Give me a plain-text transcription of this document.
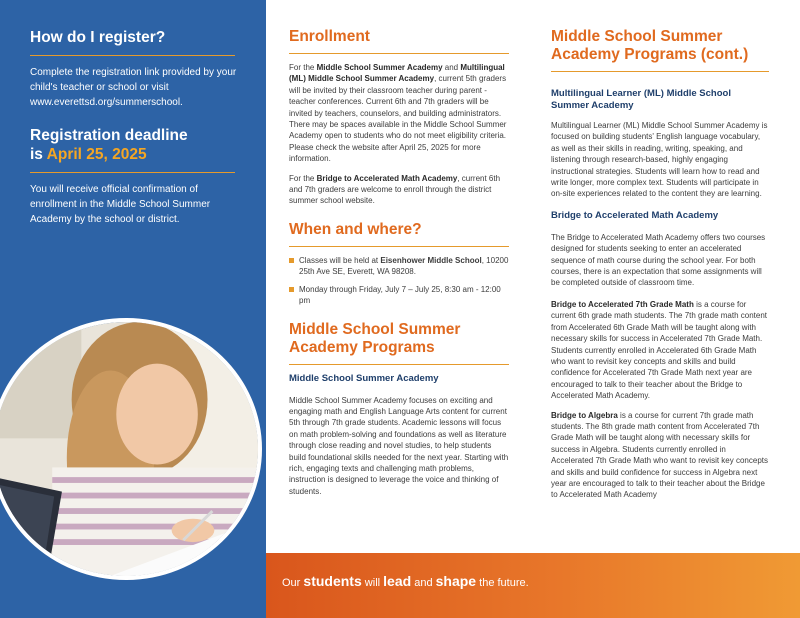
How do I register?
Complete the registration link provided by your child's teacher or school or visit www.everettsd.org/summerschool.
Registration deadline
is April 25, 2025
You will receive official confirmation of enrollment in the Middle School Summer Academy by the school or district.
Enrollment
For the Middle School Summer Academy and Multilingual (ML) Middle School Summer Academy, current 5th graders will be invited by their classroom teacher during parent - teacher conferences. Current 6th and 7th graders will be invited by teachers, counselors, and building administrators. There may be spaces available in the Middle School Summer Academy open to students who do not meet eligibility criteria. Please check the website after April 25, 2025 for more information.
For the Bridge to Accelerated Math Academy, current 6th and 7th graders are welcome to enroll through the district summer school website.
When and where?
Classes will be held at Eisenhower Middle School, 10200 25th Ave SE, Everett, WA 98208.
Monday through Friday, July 7 – July 25, 8:30 am - 12:00 pm
Middle School Summer Academy Programs
Middle School Summer Academy
Middle School Summer Academy focuses on exciting and engaging math and English Language Arts content for current 5th through 7th grade students. Academic lessons will focus on math problem-solving and foundations as well as literature through close reading and novel studies, to help students build foundational skills needed for the next year. Starting with rich, engaging texts and challenging math problems, instruction is designed to leverage the voice and thinking of students.
Middle School Summer Academy Programs (cont.)
Multilingual Learner (ML) Middle School Summer Academy
Multilingual Learner (ML) Middle School Summer Academy is focused on building students' English language vocabulary, as well as their skills in reading, writing, speaking, and listening through research-based, highly engaging instructional strategies. Students will learn how to read and write longer, more complex text. Students will participate in on-site experiences related to the content they are learning.
Bridge to Accelerated Math Academy
The Bridge to Accelerated Math Academy offers two courses designed for students seeking to enter an accelerated sequence of math course during the school year. For both courses, there is an expectation that some assignments will be completed outside of classroom time.
Bridge to Accelerated 7th Grade Math is a course for current 6th grade math students. The 7th grade math content from Accelerated 6th Grade Math will be taught along with necessary skills for success in Accelerated 7th Grade Math. Students currently enrolled in Accelerated 6th Grade Math who want to revisit key concepts and skills and build confidence for Accelerated 7th Grade Math next year are encouraged to talk to their teacher about the Bridge to Accelerated Math Academy.
Bridge to Algebra is a course for current 7th grade math students. The 8th grade math content from Accelerated 7th Grade Math will be taught along with necessary skills for success in Algebra. Students currently enrolled in Accelerated 7th Grade Math who want to revisit key concepts and skills and build confidence for success in Algebra next year are encouraged to talk to their teacher about the Bridge to Accelerated Math Academy
Our students will lead and shape the future.
